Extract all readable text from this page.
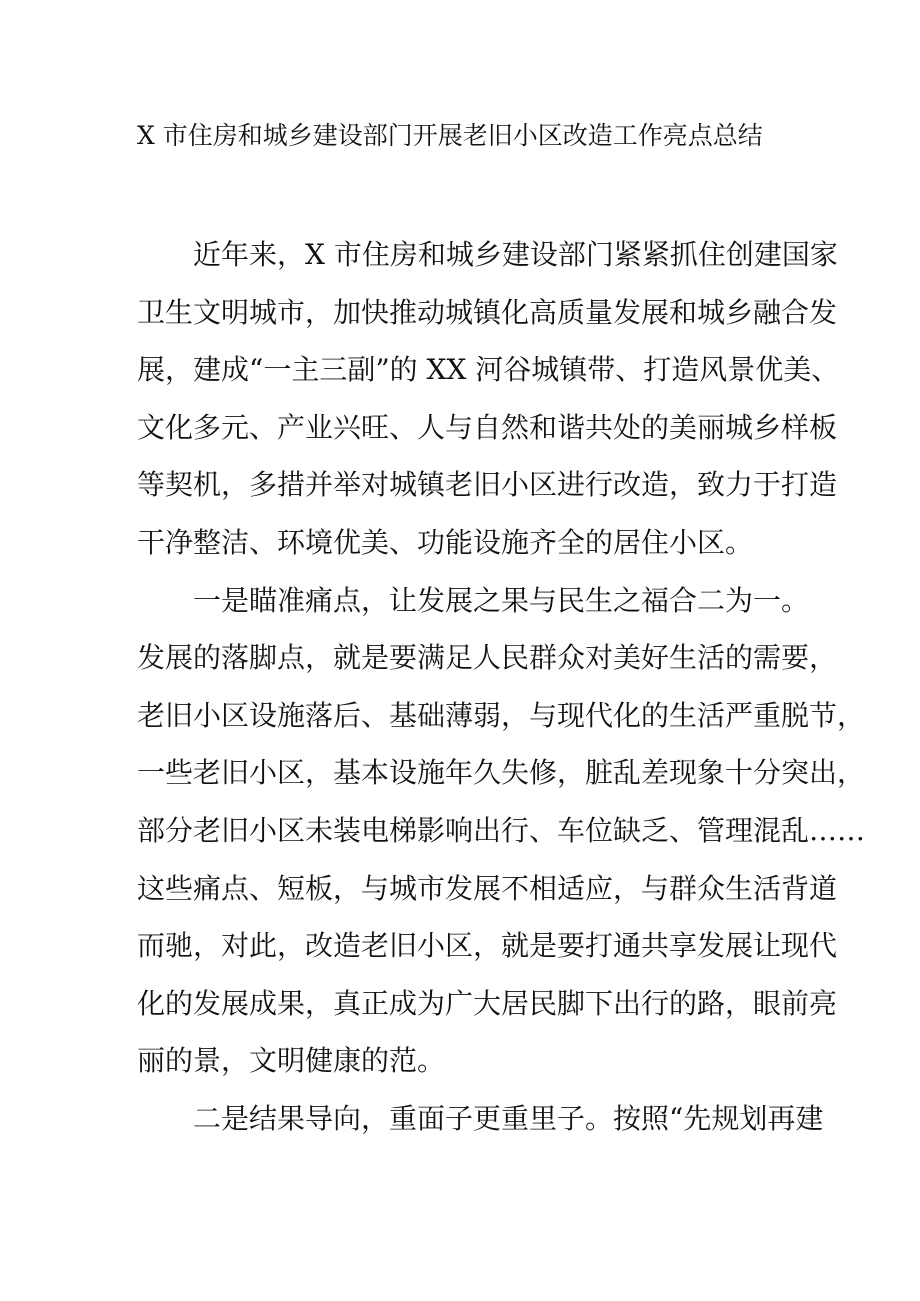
X 市住房和城乡建设部门开展老旧小区改造工作亮点总结
近年来，X 市住房和城乡建设部门紧紧抓住创建国家
卫生文明城市，加快推动城镇化高质量发展和城乡融合发
展，建成“一主三副”的 XX 河谷城镇带、打造风景优美、
文化多元、产业兴旺、人与自然和谐共处的美丽城乡样板
等契机，多措并举对城镇老旧小区进行改造，致力于打造
干净整洁、环境优美、功能设施齐全的居住小区。
一是瞄准痛点，让发展之果与民生之福合二为一。
发展的落脚点，就是要满足人民群众对美好生活的需要，
老旧小区设施落后、基础薄弱，与现代化的生活严重脱节，
一些老旧小区，基本设施年久失修，脏乱差现象十分突出，
部分老旧小区未装电梯影响出行、车位缺乏、管理混乱……
这些痛点、短板，与城市发展不相适应，与群众生活背道
而驰，对此，改造老旧小区，就是要打通共享发展让现代
化的发展成果，真正成为广大居民脚下出行的路，眼前亮
丽的景，文明健康的范。
二是结果导向，重面子更重里子。按照“先规划再建
